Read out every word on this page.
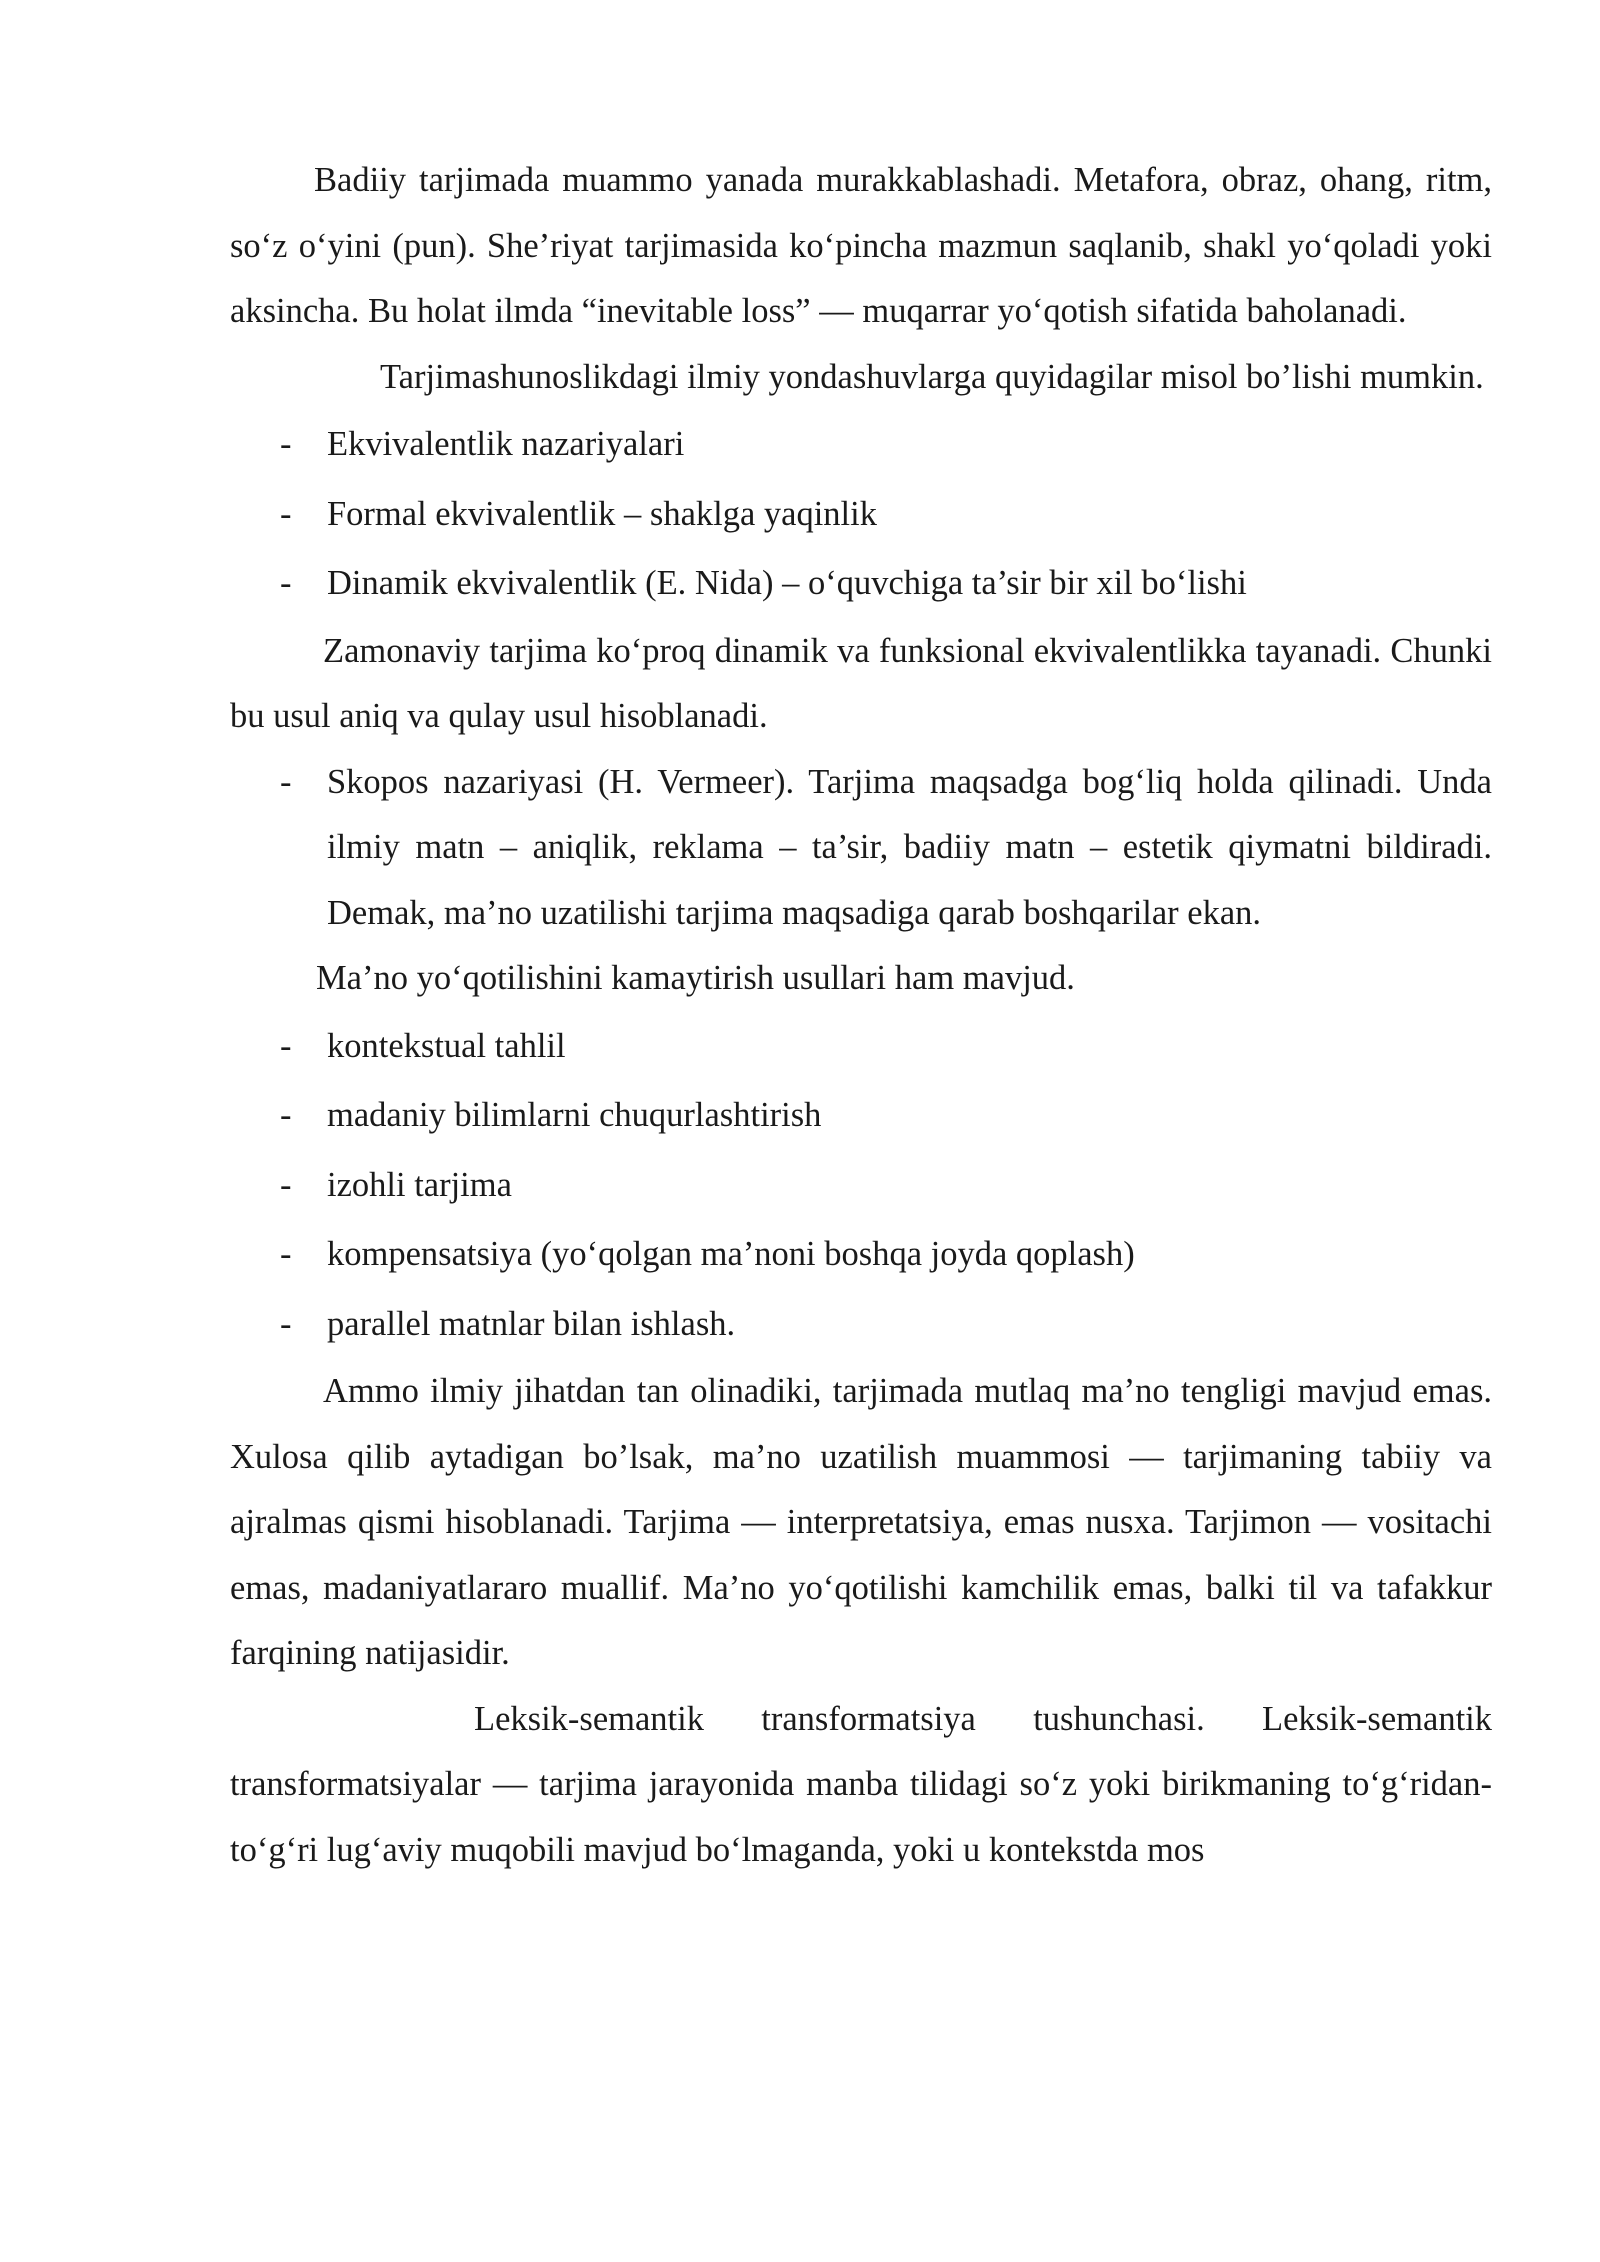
Badiiy tarjimada muammo yanada murakkablashadi. Metafora, obraz, ohang, ritm, so‘z o‘yini (pun). She’riyat tarjimasida ko‘pincha mazmun saqlanib, shakl yo‘qoladi yoki aksincha. Bu holat ilmda “inevitable loss” — muqarrar yo‘qotish sifatida baholanadi.

Tarjimashunoslikdagi ilmiy yondashuvlarga quyidagilar misol bo’lishi mumkin.

- Ekvivalentlik nazariyalari
- Formal ekvivalentlik – shaklga yaqinlik
- Dinamik ekvivalentlik (E. Nida) – o‘quvchiga ta’sir bir xil bo‘lishi

Zamonaviy tarjima ko‘proq dinamik va funksional ekvivalentlikka tayanadi. Chunki bu usul aniq va qulay usul hisoblanadi.

- Skopos nazariyasi (H. Vermeer). Tarjima maqsadga bog‘liq holda qilinadi. Unda ilmiy matn – aniqlik, reklama – ta’sir, badiiy matn – estetik qiymatni bildiradi. Demak, ma’no uzatilishi tarjima maqsadiga qarab boshqarilar ekan.

Ma’no yo‘qotilishini kamaytirish usullari ham mavjud.

- kontekstual tahlil
- madaniy bilimlarni chuqurlashtirish
- izohli tarjima
- kompensatsiya (yo‘qolgan ma’noni boshqa joyda qoplash)
- parallel matnlar bilan ishlash.

Ammo ilmiy jihatdan tan olinadiki, tarjimada mutlaq ma’no tengligi mavjud emas. Xulosa qilib aytadigan bo’lsak, ma’no uzatilish muammosi — tarjimaning tabiiy va ajralmas qismi hisoblanadi. Tarjima — interpretatsiya, emas nusxa. Tarjimon — vositachi emas, madaniyatlararo muallif. Ma’no yo‘qotilishi kamchilik emas, balki til va tafakkur farqining natijasidir.

Leksik-semantik transformatsiya tushunchasi. Leksik-semantik transformatsiyalar — tarjima jarayonida manba tilidagi so‘z yoki birikmaning to‘g‘ridan-to‘g‘ri lug‘aviy muqobili mavjud bo‘lmaganda, yoki u kontekstda mos
